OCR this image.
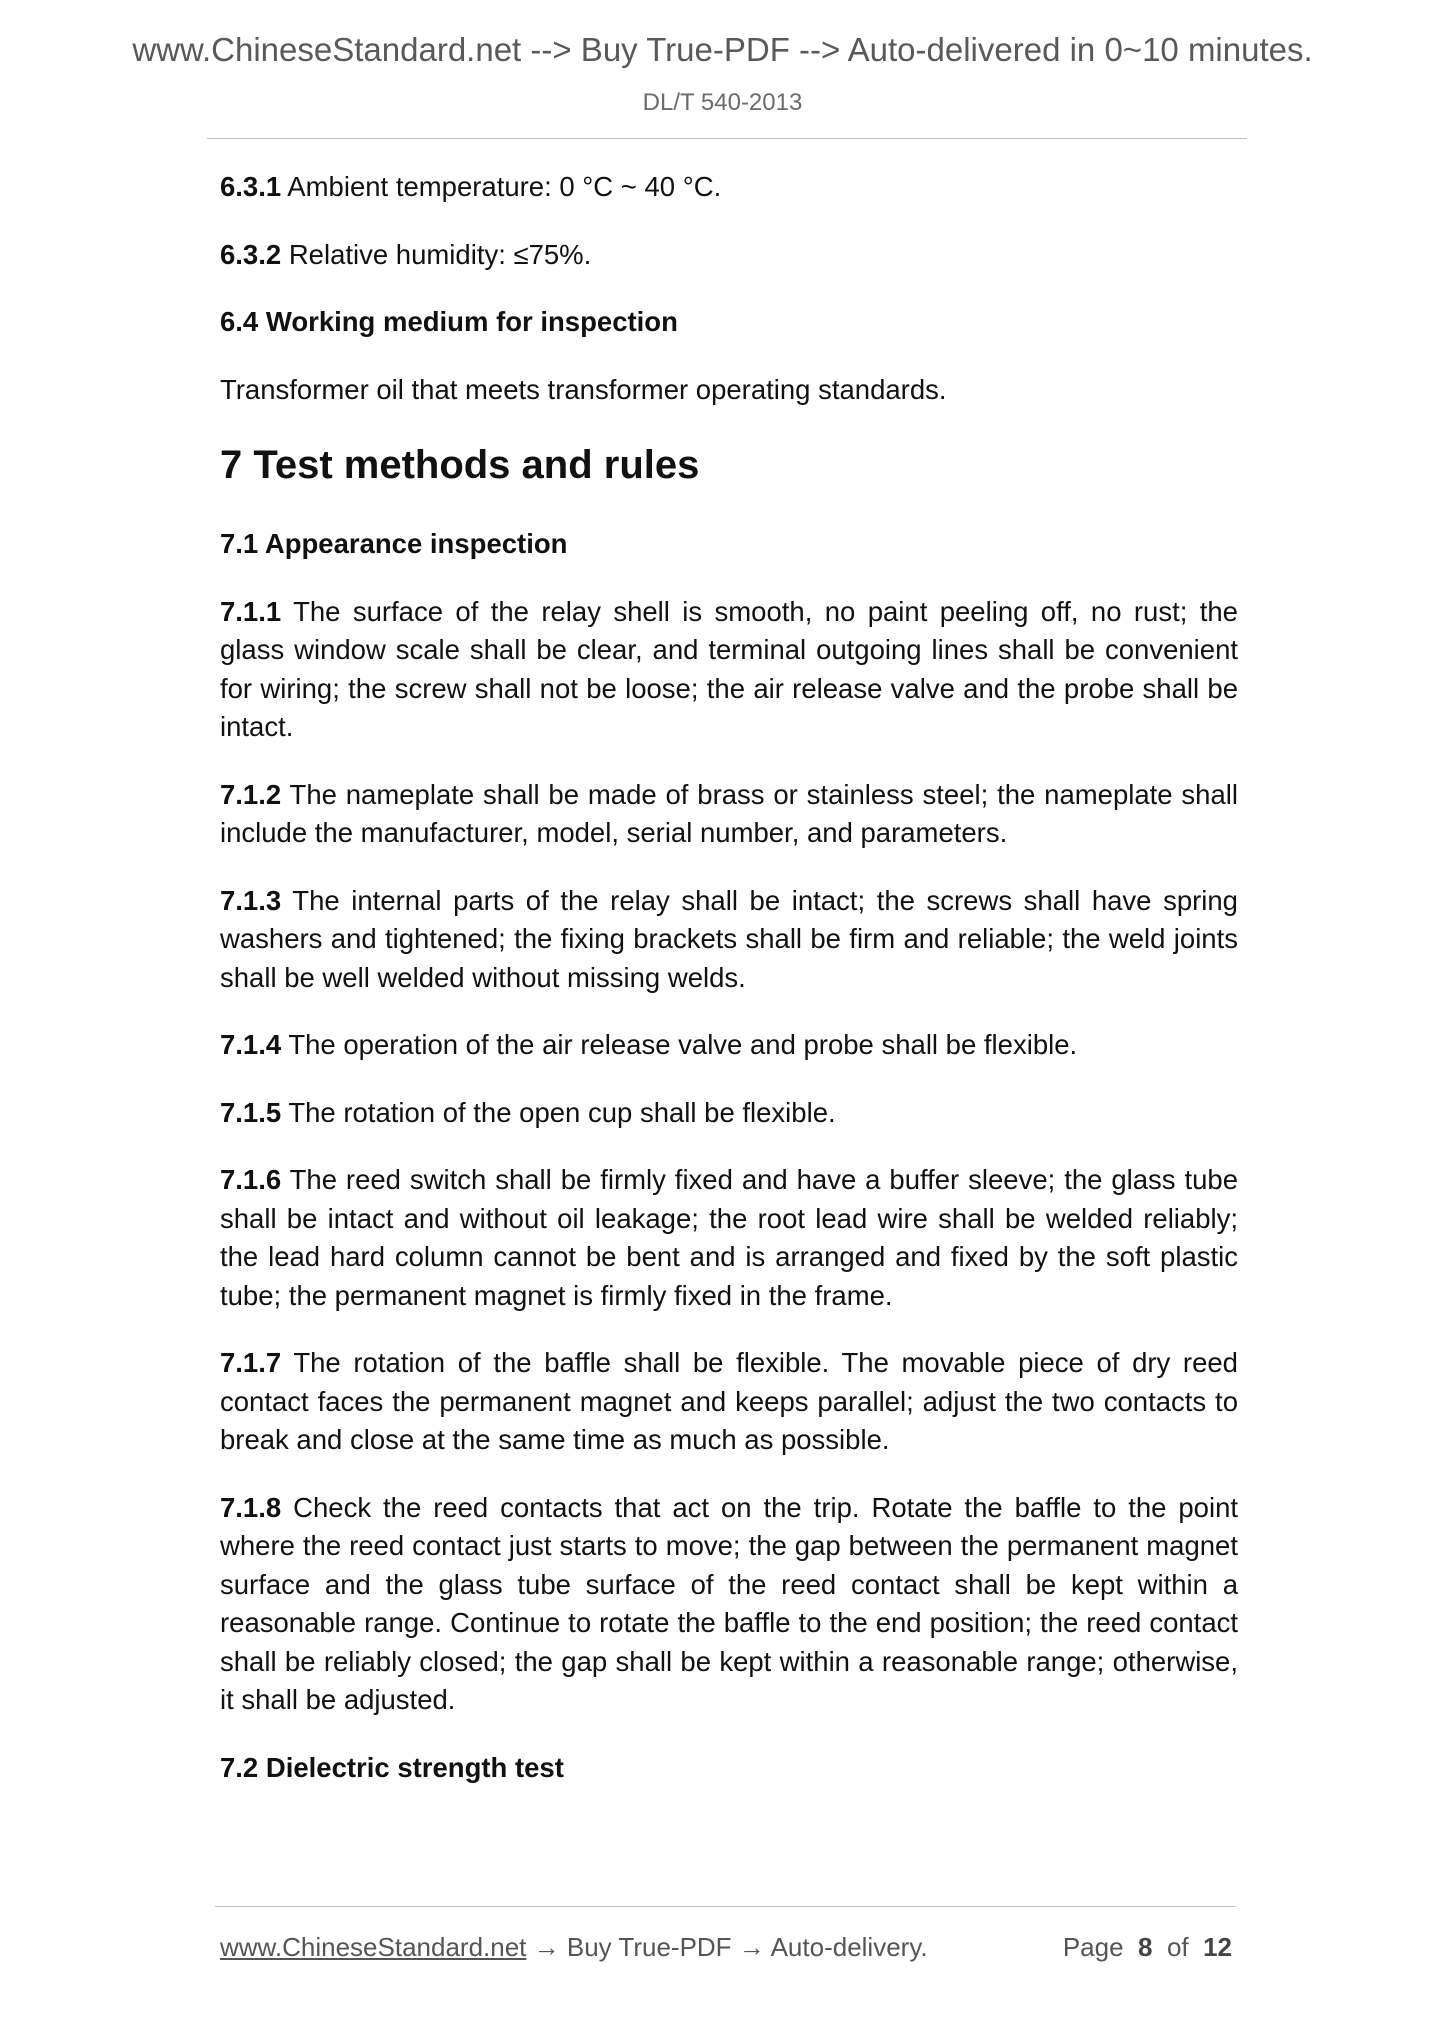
www.ChineseStandard.net --> Buy True-PDF --> Auto-delivered in 0~10 minutes.
DL/T 540-2013

6.3.1 Ambient temperature: 0 °C ~ 40 °C.

6.3.2 Relative humidity: ≤75%.

6.4 Working medium for inspection

Transformer oil that meets transformer operating standards.

7 Test methods and rules

7.1 Appearance inspection

7.1.1 The surface of the relay shell is smooth, no paint peeling off, no rust; the glass window scale shall be clear, and terminal outgoing lines shall be convenient for wiring; the screw shall not be loose; the air release valve and the probe shall be intact.

7.1.2 The nameplate shall be made of brass or stainless steel; the nameplate shall include the manufacturer, model, serial number, and parameters.

7.1.3 The internal parts of the relay shall be intact; the screws shall have spring washers and tightened; the fixing brackets shall be firm and reliable; the weld joints shall be well welded without missing welds.

7.1.4 The operation of the air release valve and probe shall be flexible.

7.1.5 The rotation of the open cup shall be flexible.

7.1.6 The reed switch shall be firmly fixed and have a buffer sleeve; the glass tube shall be intact and without oil leakage; the root lead wire shall be welded reliably; the lead hard column cannot be bent and is arranged and fixed by the soft plastic tube; the permanent magnet is firmly fixed in the frame.

7.1.7 The rotation of the baffle shall be flexible. The movable piece of dry reed contact faces the permanent magnet and keeps parallel; adjust the two contacts to break and close at the same time as much as possible.

7.1.8 Check the reed contacts that act on the trip. Rotate the baffle to the point where the reed contact just starts to move; the gap between the permanent magnet surface and the glass tube surface of the reed contact shall be kept within a reasonable range. Continue to rotate the baffle to the end position; the reed contact shall be reliably closed; the gap shall be kept within a reasonable range; otherwise, it shall be adjusted.

7.2 Dielectric strength test

www.ChineseStandard.net → Buy True-PDF → Auto-delivery.	Page 8 of 12
